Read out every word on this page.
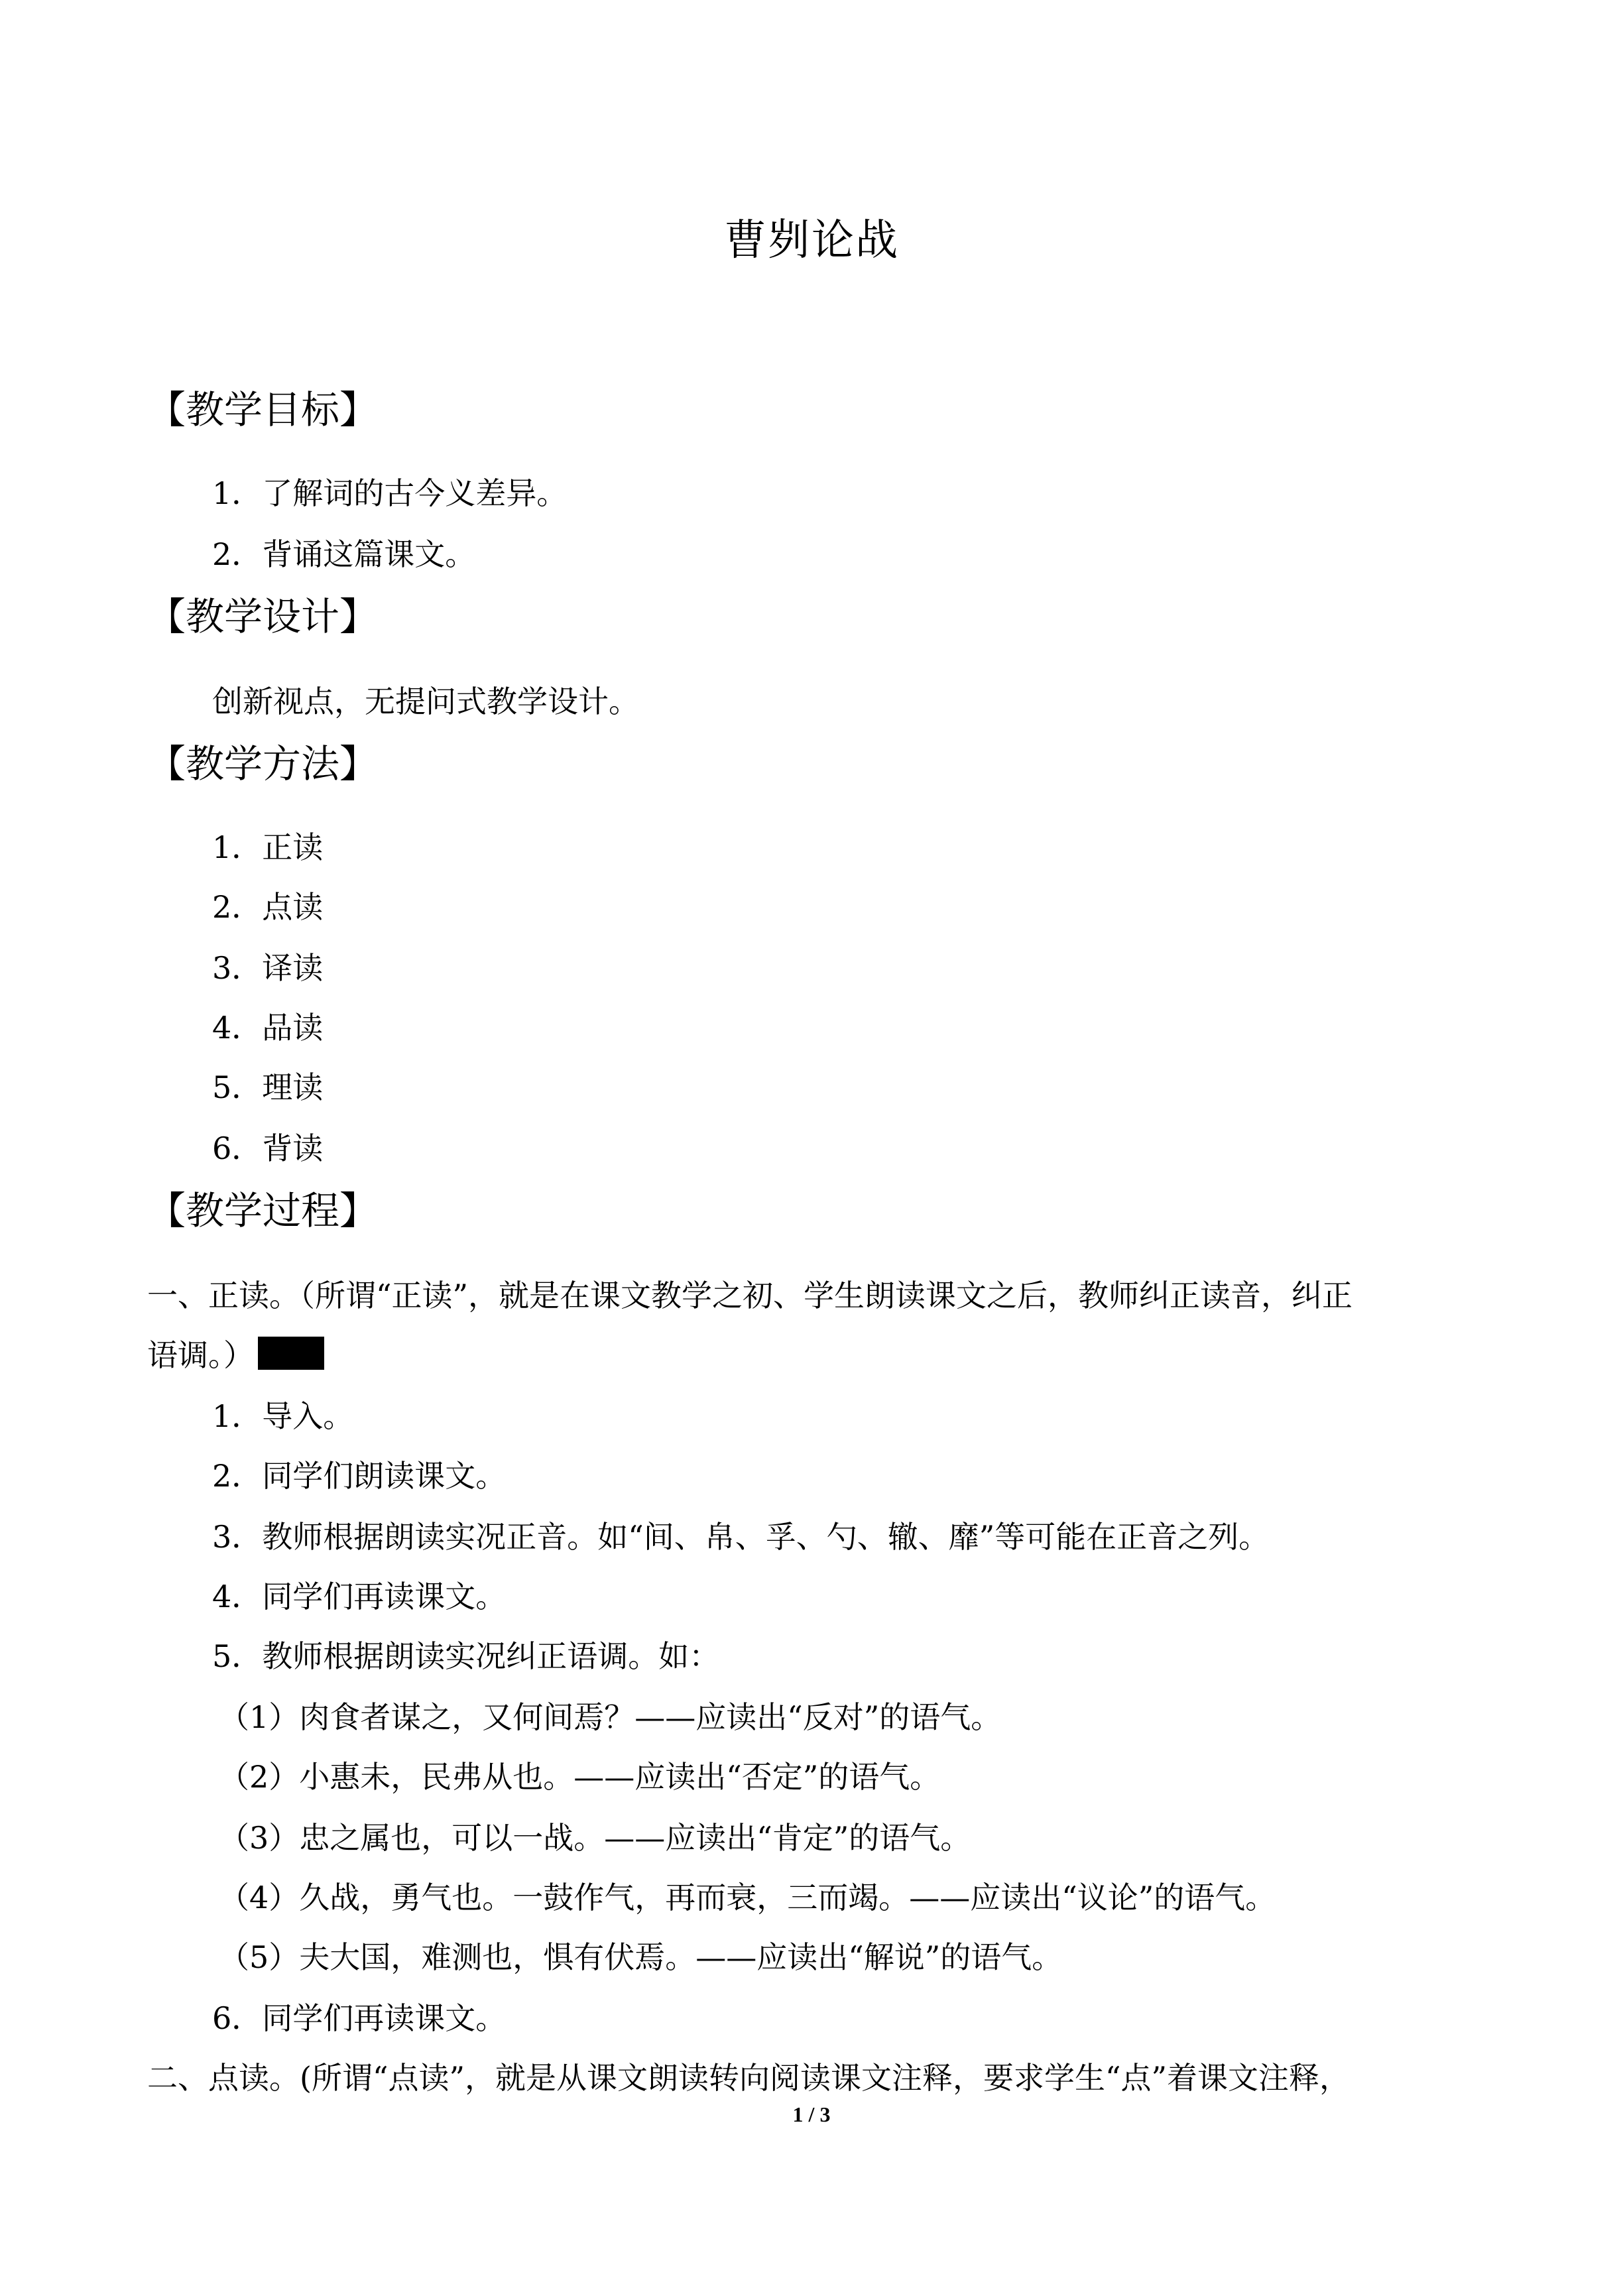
曹刿论战
【教学目标】
1．了解词的古今义差异。
2．背诵这篇课文。
【教学设计】
创新视点，无提问式教学设计。
【教学方法】
1．正读
2．点读
3．译读
4．品读
5．理读
6．背读
【教学过程】
一、正读。（所谓“正读”，就是在课文教学之初、学生朗读课文之后，教师纠正读音，纠正
语调。）
1．导入。
2．同学们朗读课文。
3．教师根据朗读实况正音。如“间、帛、孚、勺、辙、靡”等可能在正音之列。
4．同学们再读课文。
5．教师根据朗读实况纠正语调。如：
（1）肉食者谋之，又何间焉？——应读出“反对”的语气。
（2）小惠未，民弗从也。——应读出“否定”的语气。
（3）忠之属也，可以一战。——应读出“肯定”的语气。
（4）久战，勇气也。一鼓作气，再而衰，三而竭。——应读出“议论”的语气。
（5）夫大国，难测也，惧有伏焉。——应读出“解说”的语气。
6．同学们再读课文。
二、点读。(所谓“点读”，就是从课文朗读转向阅读课文注释，要求学生“点”着课文注释，
1 / 3
